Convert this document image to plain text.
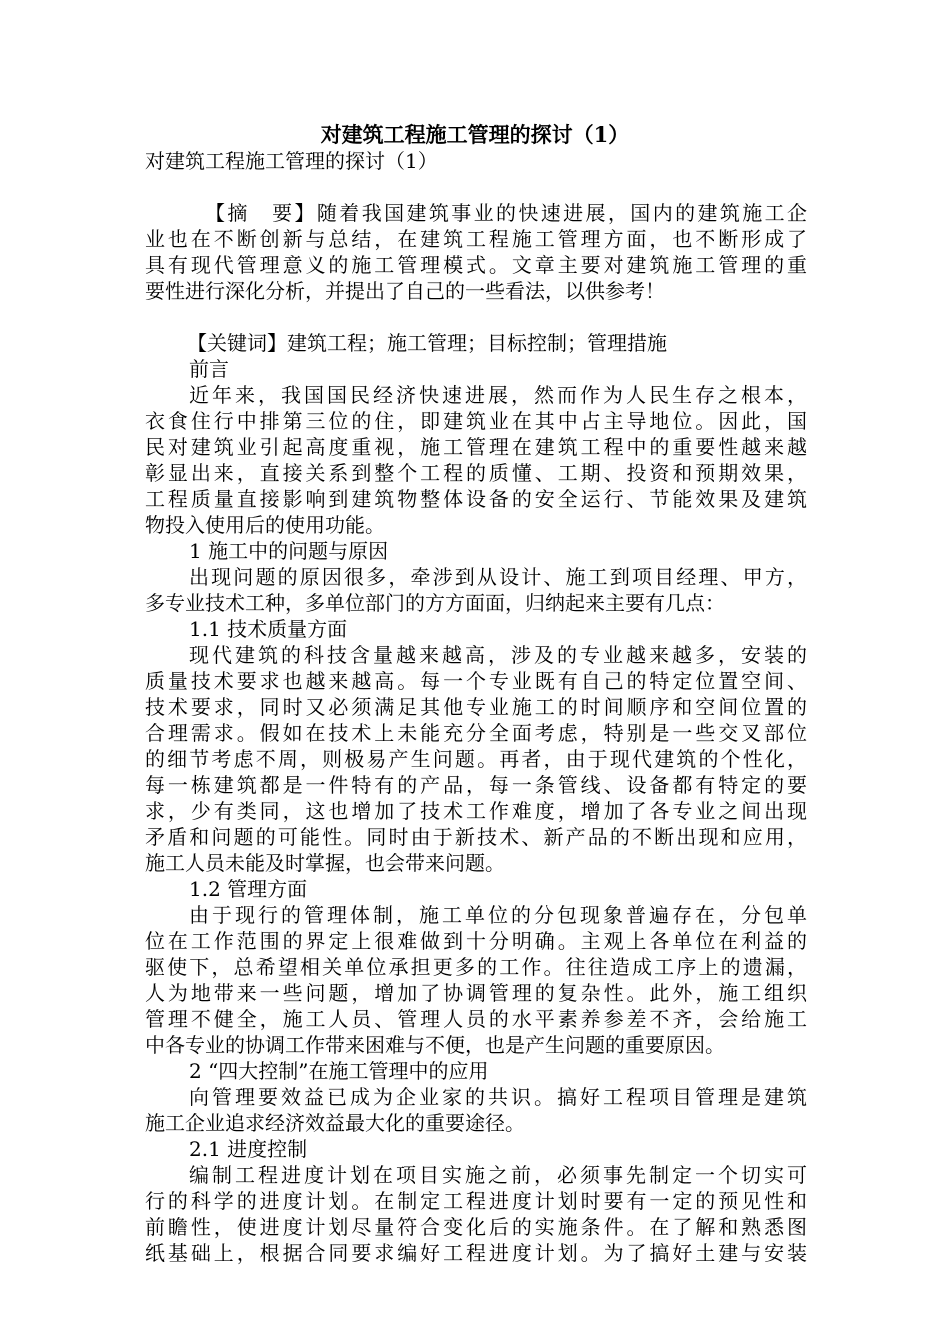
对建筑工程施工管理的探讨（1）
对建筑工程施工管理的探讨（1）
【摘　要】随着我国建筑事业的快速进展，国内的建筑施工企
业也在不断创新与总结，在建筑工程施工管理方面，也不断形成了
具有现代管理意义的施工管理模式。文章主要对建筑施工管理的重
要性进行深化分析，并提出了自己的一些看法，以供参考！
【关键词】建筑工程；施工管理；目标控制；管理措施
前言
近年来，我国国民经济快速进展，然而作为人民生存之根本，
衣食住行中排第三位的住，即建筑业在其中占主导地位。因此，国
民对建筑业引起高度重视，施工管理在建筑工程中的重要性越来越
彰显出来，直接关系到整个工程的质懂、工期、投资和预期效果，
工程质量直接影响到建筑物整体设备的安全运行、节能效果及建筑
物投入使用后的使用功能。
1 施工中的问题与原因
出现问题的原因很多，牵涉到从设计、施工到项目经理、甲方，
多专业技术工种，多单位部门的方方面面，归纳起来主要有几点：
1.1 技术质量方面
现代建筑的科技含量越来越高，涉及的专业越来越多，安装的
质量技术要求也越来越高。每一个专业既有自己的特定位置空间、
技术要求，同时又必须满足其他专业施工的时间顺序和空间位置的
合理需求。假如在技术上未能充分全面考虑，特别是一些交叉部位
的细节考虑不周，则极易产生问题。再者，由于现代建筑的个性化，
每一栋建筑都是一件特有的产品，每一条管线、设备都有特定的要
求，少有类同，这也增加了技术工作难度，增加了各专业之间出现
矛盾和问题的可能性。同时由于新技术、新产品的不断出现和应用，
施工人员未能及时掌握，也会带来问题。
1.2 管理方面
由于现行的管理体制，施工单位的分包现象普遍存在，分包单
位在工作范围的界定上很难做到十分明确。主观上各单位在利益的
驱使下，总希望相关单位承担更多的工作。往往造成工序上的遗漏，
人为地带来一些问题，增加了协调管理的复杂性。此外，施工组织
管理不健全，施工人员、管理人员的水平素养参差不齐，会给施工
中各专业的协调工作带来困难与不便，也是产生问题的重要原因。
2 “四大控制”在施工管理中的应用
向管理要效益已成为企业家的共识。搞好工程项目管理是建筑
施工企业追求经济效益最大化的重要途径。
2.1 进度控制
编制工程进度计划在项目实施之前，必须事先制定一个切实可
行的科学的进度计划。在制定工程进度计划时要有一定的预见性和
前瞻性，使进度计划尽量符合变化后的实施条件。在了解和熟悉图
纸基础上，根据合同要求编好工程进度计划。为了搞好土建与安装
